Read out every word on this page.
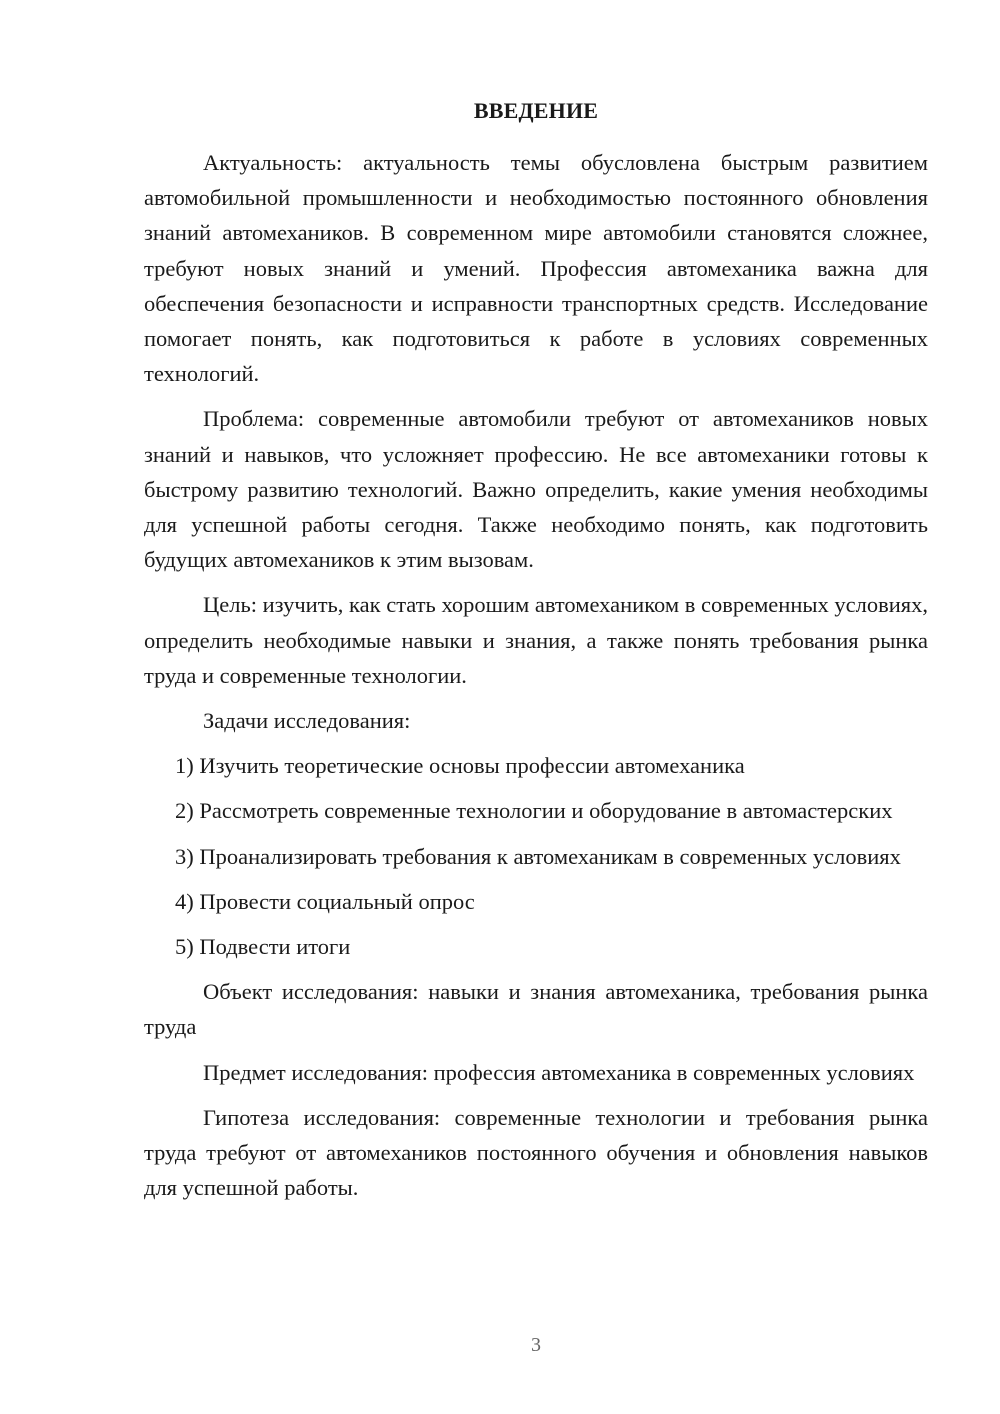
ВВЕДЕНИЕ

Актуальность: актуальность темы обусловлена быстрым развитием автомобильной промышленности и необходимостью постоянного обновления знаний автомехаников. В современном мире автомобили становятся сложнее, требуют новых знаний и умений. Профессия автомеханика важна для обеспечения безопасности и исправности транспортных средств. Исследование помогает понять, как подготовиться к работе в условиях современных технологий.

Проблема: современные автомобили требуют от автомехаников новых знаний и навыков, что усложняет профессию. Не все автомеханики готовы к быстрому развитию технологий. Важно определить, какие умения необходимы для успешной работы сегодня. Также необходимо понять, как подготовить будущих автомехаников к этим вызовам.

Цель: изучить, как стать хорошим автомехаником в современных условиях, определить необходимые навыки и знания, а также понять требования рынка труда и современные технологии.

Задачи исследования:

1) Изучить теоретические основы профессии автомеханика

2) Рассмотреть современные технологии и оборудование в автомастерских

3) Проанализировать требования к автомеханикам в современных условиях

4) Провести социальный опрос

5) Подвести итоги

Объект исследования: навыки и знания автомеханика, требования рынка труда

Предмет исследования: профессия автомеханика в современных условиях

Гипотеза исследования: современные технологии и требования рынка труда требуют от автомехаников постоянного обучения и обновления навыков для успешной работы.

3
